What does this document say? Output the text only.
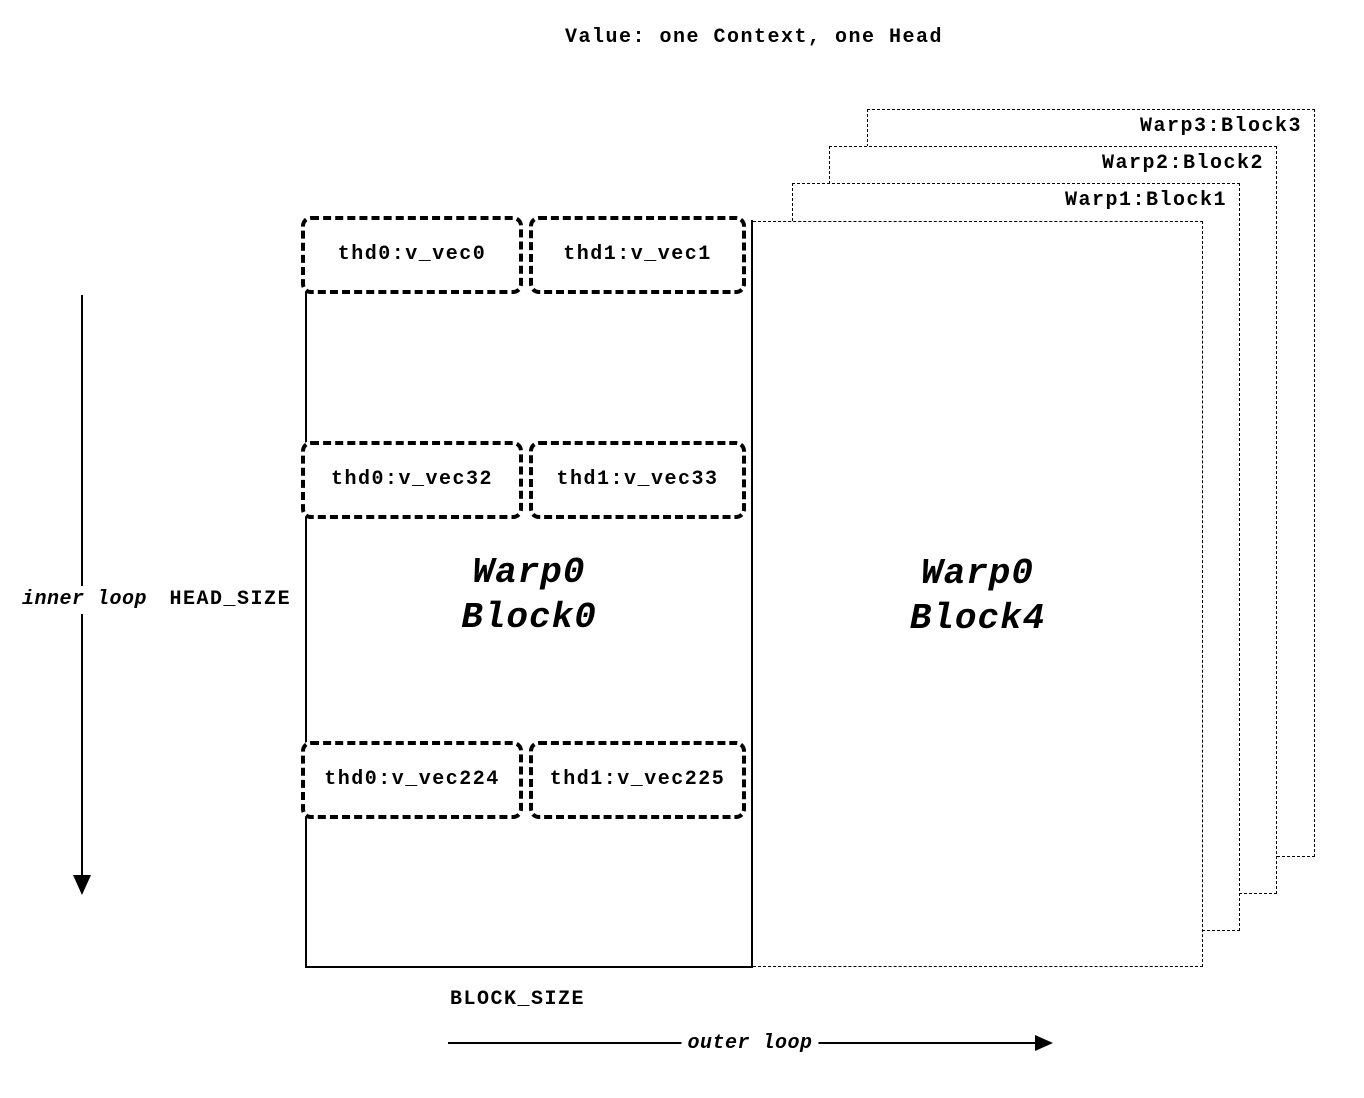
Value: one Context, one Head
Warp3:Block3
Warp2:Block2
Warp1:Block1
Warp0
Block4
Warp0
Block0
thd0:v_vec0	thd1:v_vec1
thd0:v_vec32	thd1:v_vec33
thd0:v_vec224 thd1:v_vec225
inner loop HEAD_SIZE
BLOCK_SIZE
outer loop
